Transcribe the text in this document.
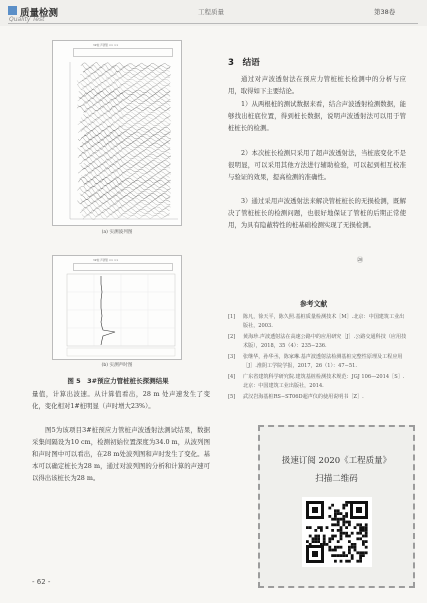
质量检测
Quality Test
工程质量	第38卷
3#桩 声测管 ×× ××
3#桩 声测管 ×× ××
(a) 实测波列图
(b) 实测声时图
图 5　3#预应力管桩桩长探测结果
量值，计算出波速。从计算值看出，28 m 处声速发生了变化，变化相对1#桩明显（声时增大23%）。
图5为该项目3#桩预应力管桩声波透射法测试结果，数据采集间隔设为10 cm，检测初始位置深度为34.0 m，从波列图和声时图中可以看出，在28 m处波列图和声时发生了变化。基本可以确定桩长为28 m，通过对波列图的分析和计算的声速可以得出该桩长为28 m。
3　结语
通过对声波透射法在预应力管桩桩长检测中的分析与应用，取得如下主要结论。
1）从两根桩的测试数据来看，结合声波透射检测数据，能够找出桩底位置，得到桩长数据，说明声波透射法可以用于管桩桩长的检测。
2）本次桩长检测只采用了超声波透射法，当桩底变化不是很明显，可以采用其他方法进行辅助检验，可以起到相互校准与验证的效果，提高检测的准确性。
3）通过采用声波透射法来解决管桩桩长的无损检测，既解决了管桩桩长的检测问题，也很好地保证了管桩的后期正常使用，为具有隐蔽特性的桩基础检测实现了无损检测。
⑳
参考文献
[1] 陈凡，徐天平，陈久照.基桩质量检测技术［M］.北京：中国建筑工业出版社，2003.
[2] 黄海珍.声波透射法在高速公路中的应用研究［J］.公路交通科技（应用技术版），2018，35（4）：235−236.
[3] 张继华，孙华丞，陈家琳.基声波透射法检测基桩完整性原理及工程应用［J］.淮阴工学院学报，2017，26（1）：47−51.
[4] 广东省建筑科学研究院.建筑基桩检测技术规范：JGJ 106—2014［S］.北京：中国建筑工业出版社，2014.
[5] 武汉岩海基桩RS−ST06D超声仪的使用说明书［Z］.
扱速订阅 2020《工程质量》
扫描二维码
- 62 -
